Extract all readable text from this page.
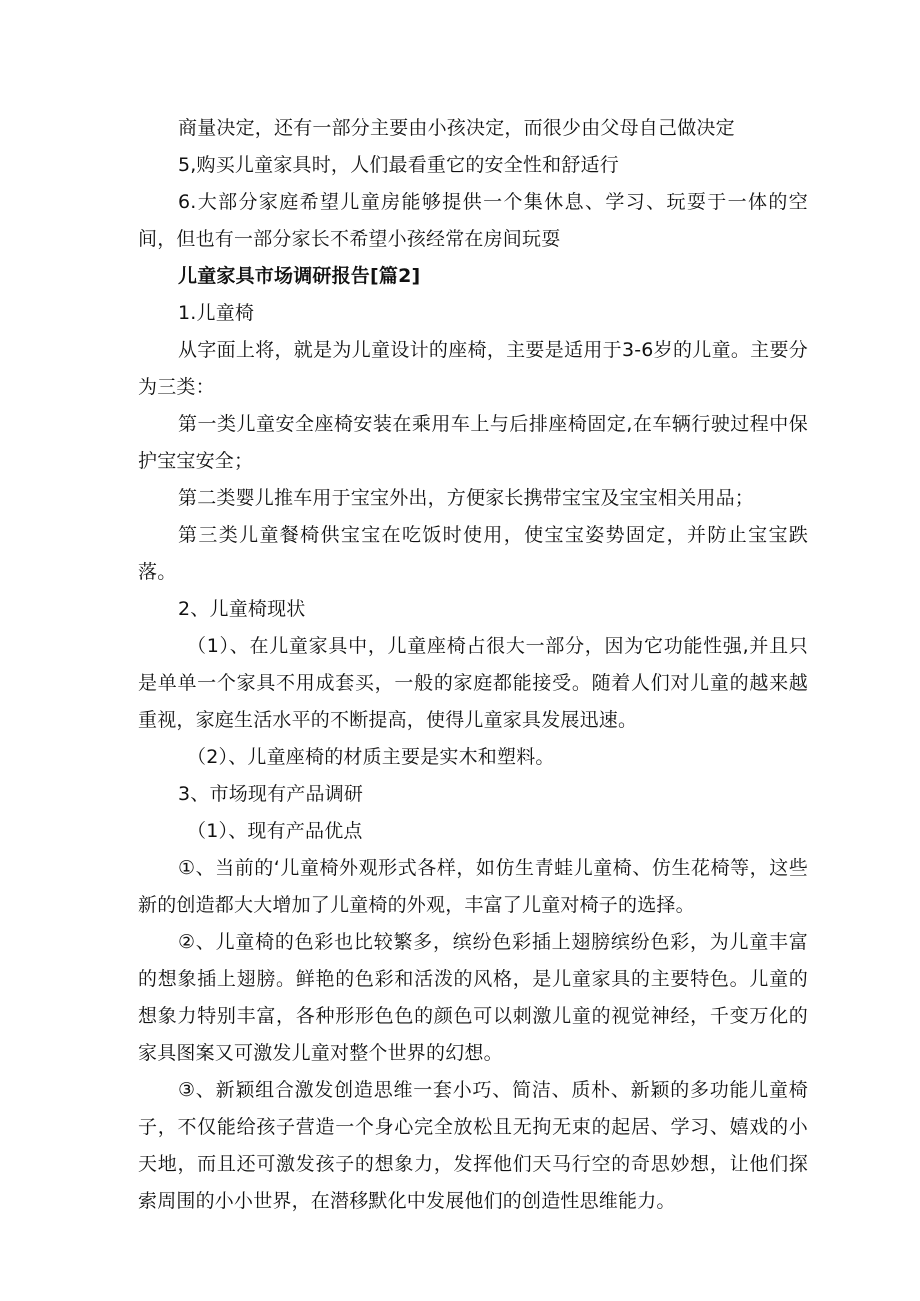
商量决定，还有一部分主要由小孩决定，而很少由父母自己做决定

5,购买儿童家具时，人们最看重它的安全性和舒适行

6.大部分家庭希望儿童房能够提供一个集休息、学习、玩耍于一体的空间，但也有一部分家长不希望小孩经常在房间玩耍

儿童家具市场调研报告[篇2]

1.儿童椅

从字面上将，就是为儿童设计的座椅，主要是适用于3-6岁的儿童。主要分为三类：

第一类儿童安全座椅安装在乘用车上与后排座椅固定,在车辆行驶过程中保护宝宝安全；

第二类婴儿推车用于宝宝外出，方便家长携带宝宝及宝宝相关用品；

第三类儿童餐椅供宝宝在吃饭时使用，使宝宝姿势固定，并防止宝宝跌落。

2、儿童椅现状

（1）、在儿童家具中，儿童座椅占很大一部分，因为它功能性强,并且只是单单一个家具不用成套买，一般的家庭都能接受。随着人们对儿童的越来越重视，家庭生活水平的不断提高，使得儿童家具发展迅速。

（2）、儿童座椅的材质主要是实木和塑料。

3、市场现有产品调研

（1）、现有产品优点

①、当前的‘儿童椅外观形式各样，如仿生青蛙儿童椅、仿生花椅等，这些新的创造都大大增加了儿童椅的外观，丰富了儿童对椅子的选择。

②、儿童椅的色彩也比较繁多，缤纷色彩插上翅膀缤纷色彩，为儿童丰富的想象插上翅膀。鲜艳的色彩和活泼的风格，是儿童家具的主要特色。儿童的想象力特别丰富，各种形形色色的颜色可以刺激儿童的视觉神经，千变万化的家具图案又可激发儿童对整个世界的幻想。

③、新颖组合激发创造思维一套小巧、简洁、质朴、新颖的多功能儿童椅子，不仅能给孩子营造一个身心完全放松且无拘无束的起居、学习、嬉戏的小天地，而且还可激发孩子的想象力，发挥他们天马行空的奇思妙想，让他们探索周围的小小世界，在潜移默化中发展他们的创造性思维能力。
